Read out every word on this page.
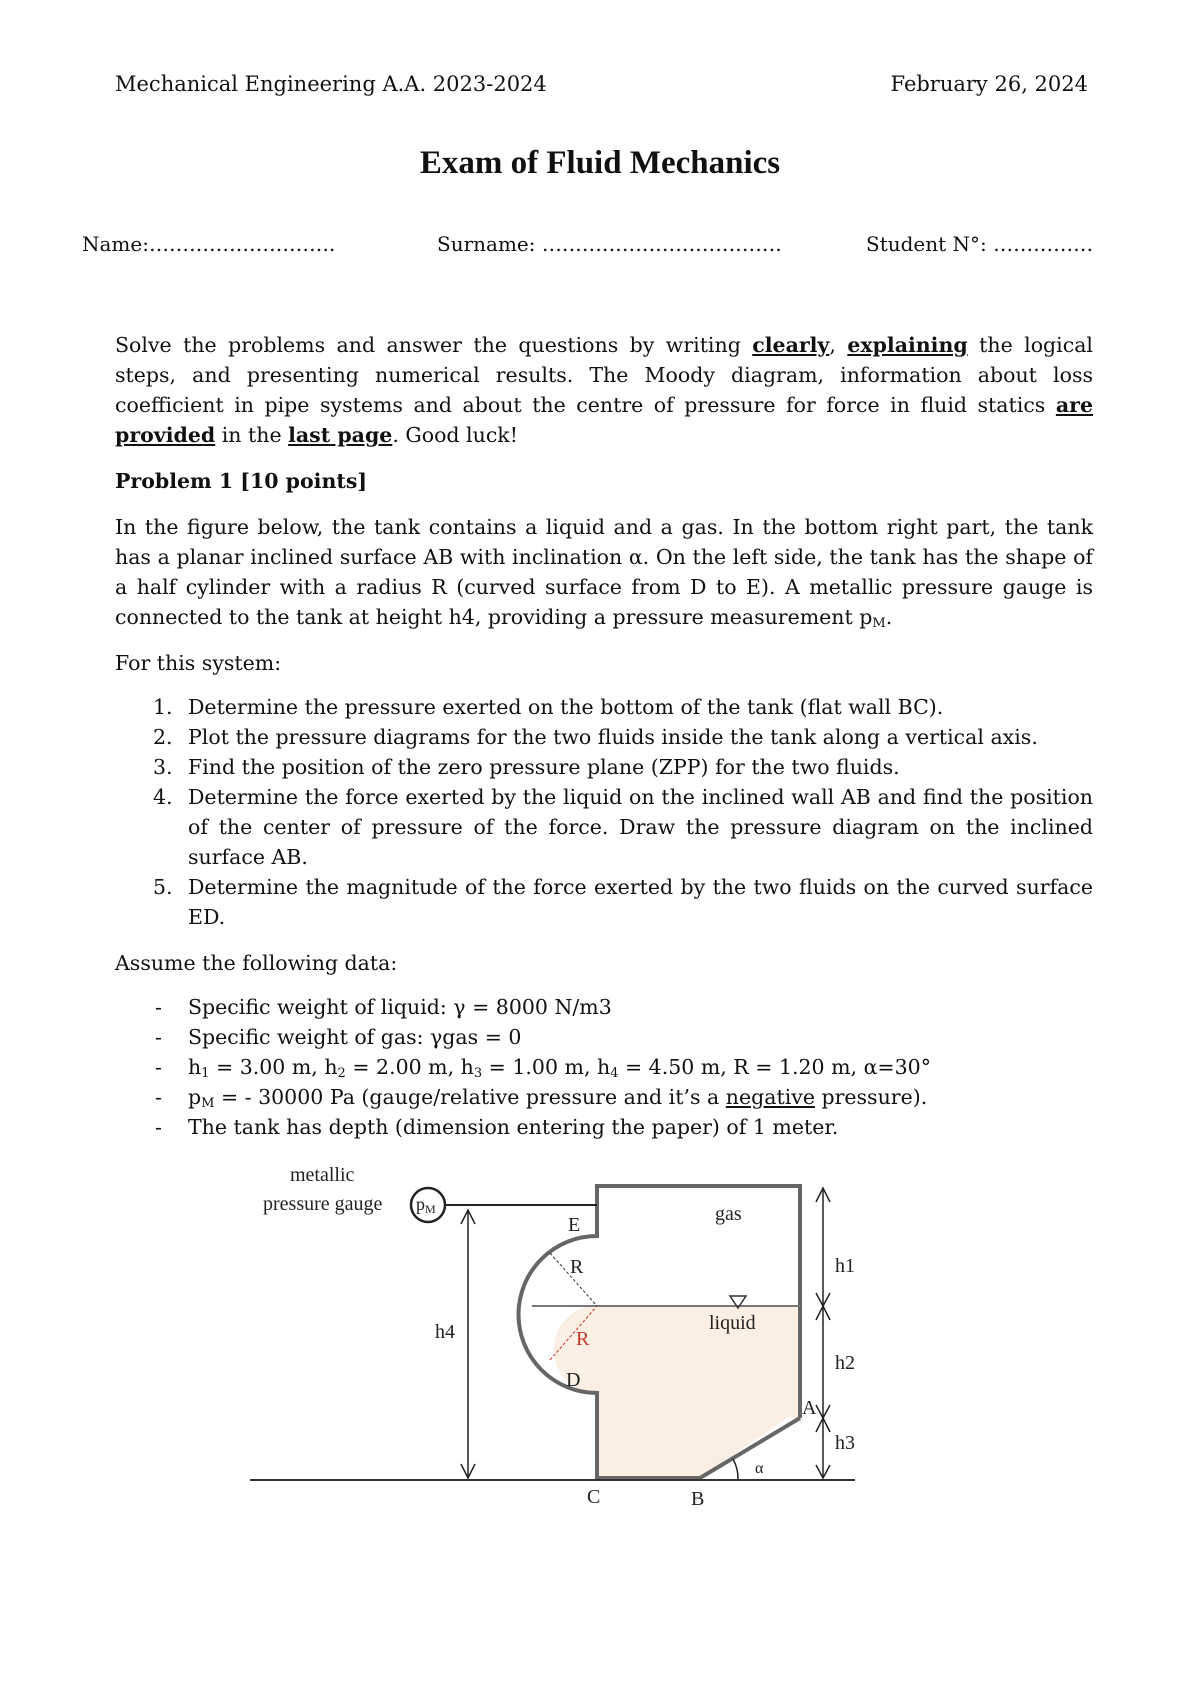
Mechanical Engineering A.A. 2023-2024	February 26, 2024
Exam of Fluid Mechanics
Name:……………………….	Surname: ………………………………	Student N°: ……………

Solve the problems and answer the questions by writing clearly, explaining the logical steps, and presenting numerical results. The Moody diagram, information about loss coefficient in pipe systems and about the centre of pressure for force in fluid statics are provided in the last page. Good luck!

Problem 1 [10 points]

In the figure below, the tank contains a liquid and a gas. In the bottom right part, the tank has a planar inclined surface AB with inclination α. On the left side, the tank has the shape of a half cylinder with a radius R (curved surface from D to E). A metallic pressure gauge is connected to the tank at height h4, providing a pressure measurement $p_M$.

For this system:

1. Determine the pressure exerted on the bottom of the tank (flat wall BC).
2. Plot the pressure diagrams for the two fluids inside the tank along a vertical axis.
3. Find the position of the zero pressure plane (ZPP) for the two fluids.
4. Determine the force exerted by the liquid on the inclined wall AB and find the position of the center of pressure of the force. Draw the pressure diagram on the inclined surface AB.
5. Determine the magnitude of the force exerted by the two fluids on the curved surface ED.

Assume the following data:

- Specific weight of liquid: γ = 8000 N/m3
- Specific weight of gas: γgas = 0
- $h_1 = 3.00$ m, $h_2 = 2.00$ m, $h_3 = 1.00$ m, $h_4 = 4.50$ m, R = 1.20 m, α=30°
- $p_M$ = - 30000 Pa (gauge/relative pressure and it’s a negative pressure).
- The tank has depth (dimension entering the paper) of 1 meter.
metallic
pressure gauge pM
E
R
R
D
C	B
A
gas
liquid
h1
h2
h3
h4
α
